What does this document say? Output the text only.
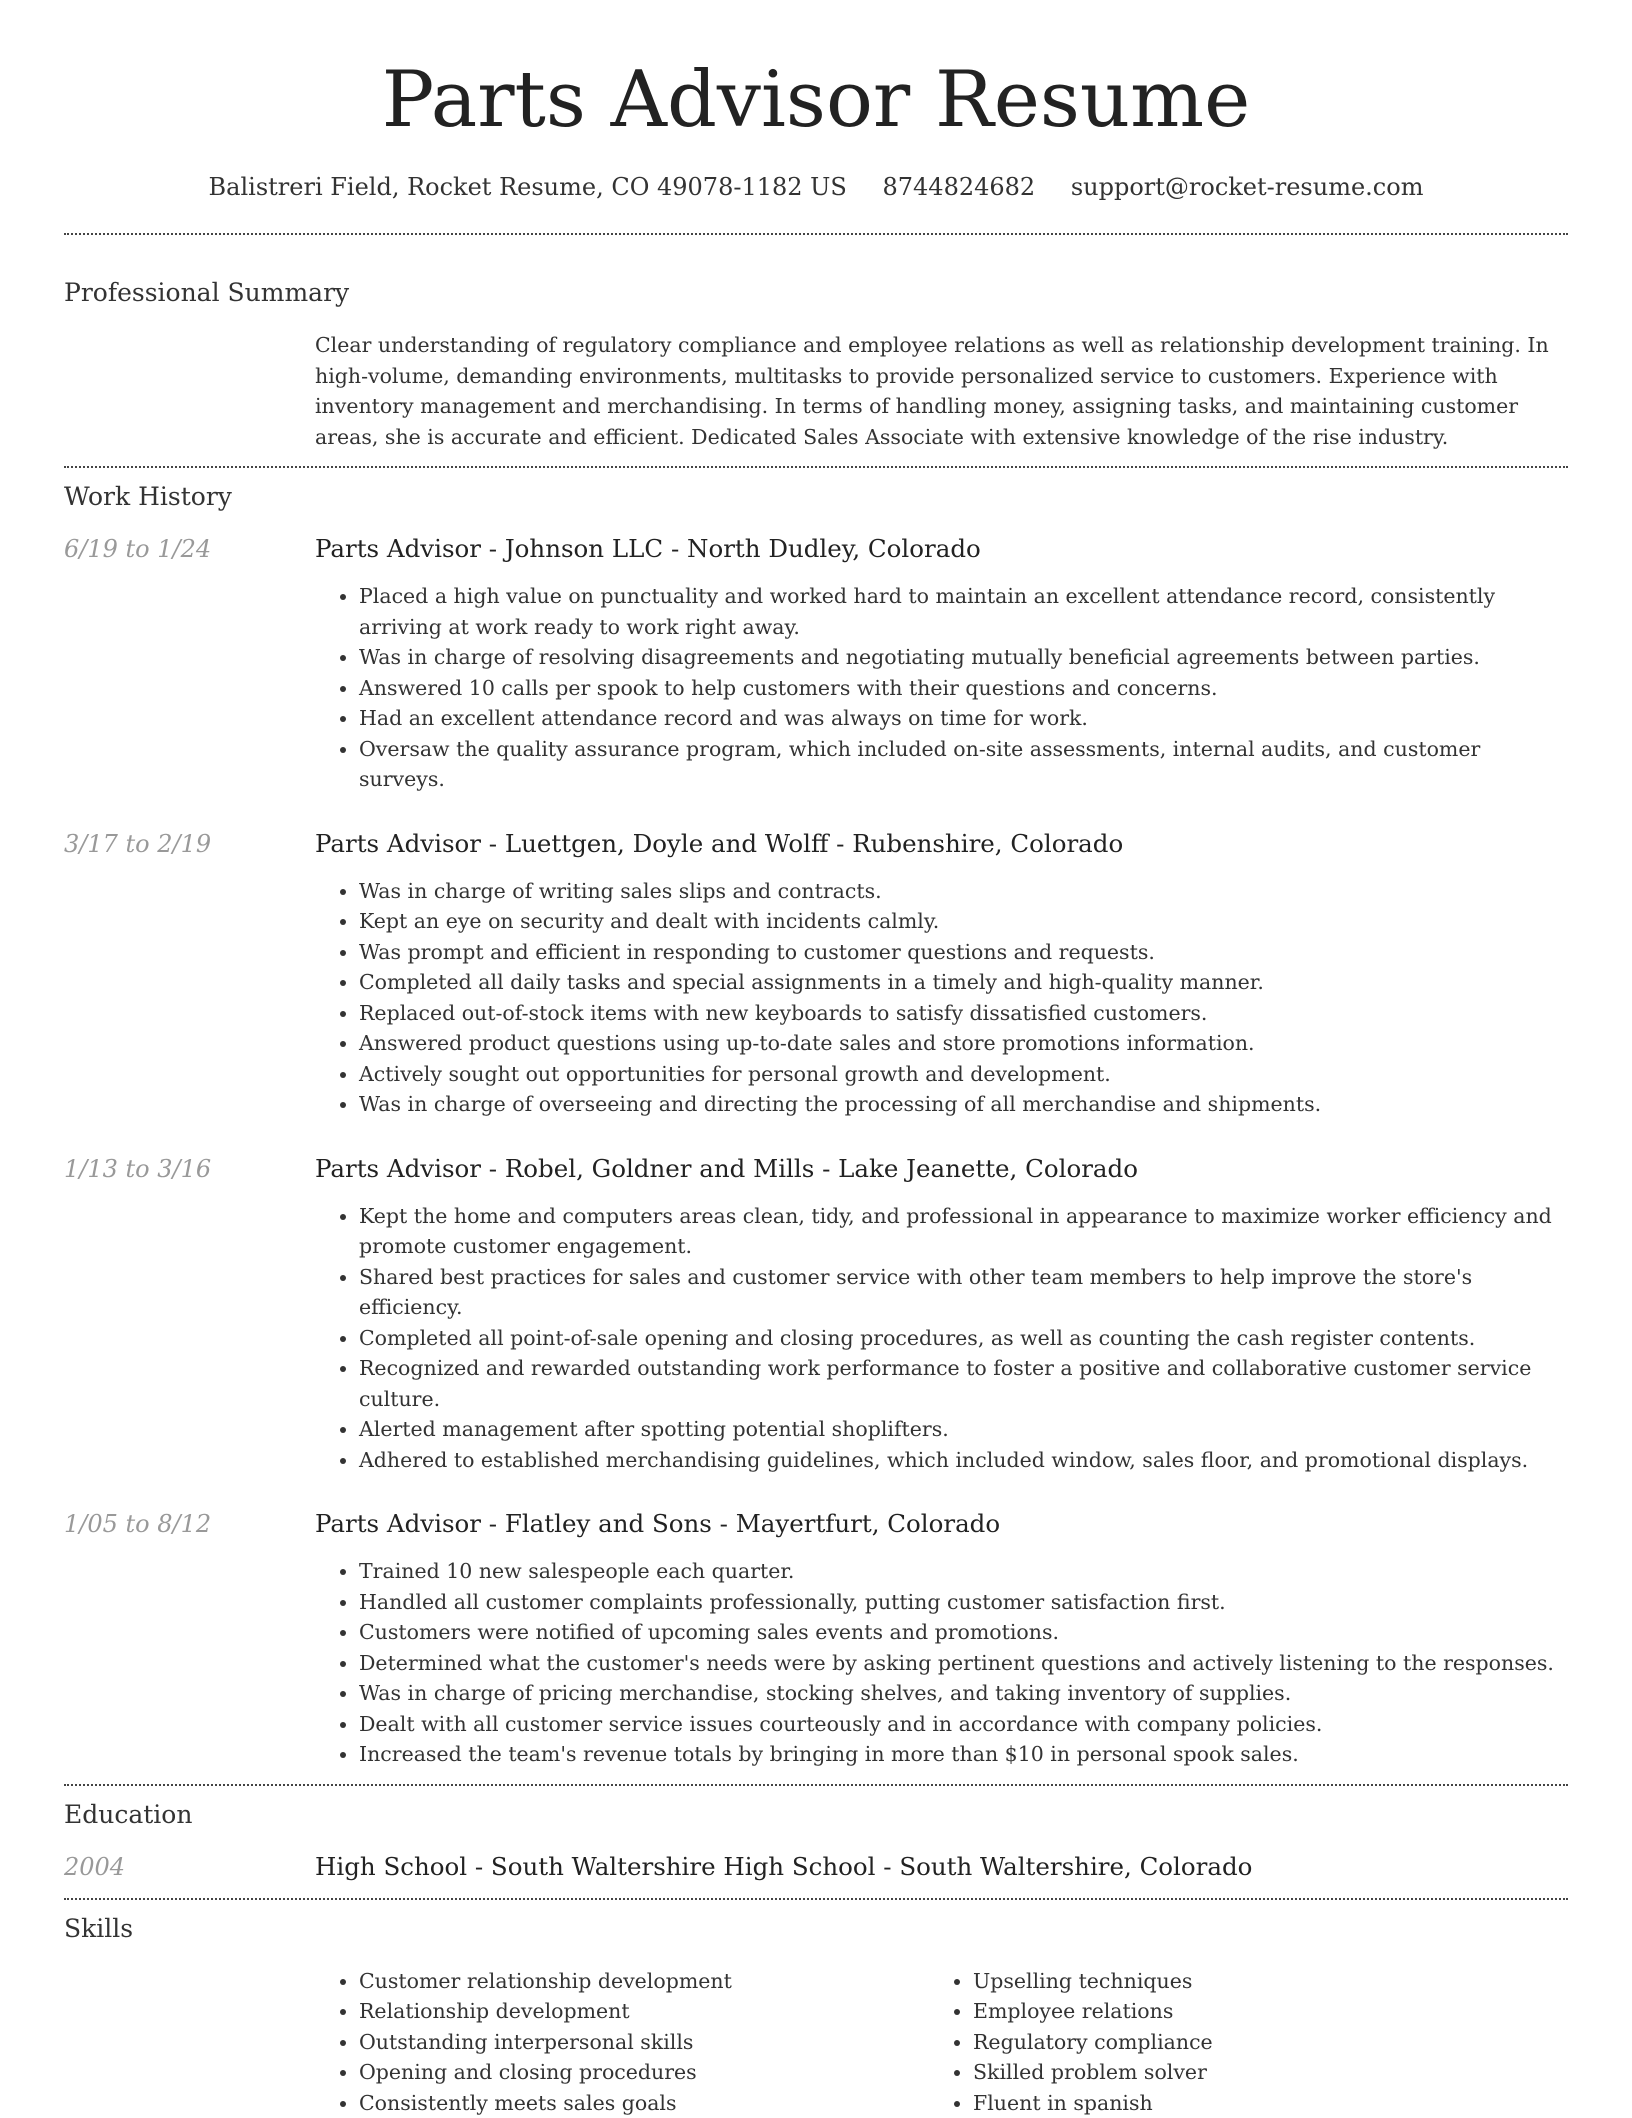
Parts Advisor Resume
Balistreri Field, Rocket Resume, CO 49078-1182 US 8744824682 support@rocket-resume.com
Professional Summary

Clear understanding of regulatory compliance and employee relations as well as relationship development training. In high-volume, demanding environments, multitasks to provide personalized service to customers. Experience with inventory management and merchandising. In terms of handling money, assigning tasks, and maintaining customer areas, she is accurate and efficient. Dedicated Sales Associate with extensive knowledge of the rise industry.

Work History
6/19 to 1/24	Parts Advisor - Johnson LLC - North Dudley, Colorado
• Placed a high value on punctuality and worked hard to maintain an excellent attendance record, consistently arriving at work ready to work right away.
• Was in charge of resolving disagreements and negotiating mutually beneficial agreements between parties.
• Answered 10 calls per spook to help customers with their questions and concerns.
• Had an excellent attendance record and was always on time for work.
• Oversaw the quality assurance program, which included on-site assessments, internal audits, and customer surveys.
3/17 to 2/19	Parts Advisor - Luettgen, Doyle and Wolff - Rubenshire, Colorado
• Was in charge of writing sales slips and contracts.
• Kept an eye on security and dealt with incidents calmly.
• Was prompt and efficient in responding to customer questions and requests.
• Completed all daily tasks and special assignments in a timely and high-quality manner.
• Replaced out-of-stock items with new keyboards to satisfy dissatisfied customers.
• Answered product questions using up-to-date sales and store promotions information.
• Actively sought out opportunities for personal growth and development.
• Was in charge of overseeing and directing the processing of all merchandise and shipments.
1/13 to 3/16	Parts Advisor - Robel, Goldner and Mills - Lake Jeanette, Colorado
• Kept the home and computers areas clean, tidy, and professional in appearance to maximize worker efficiency and promote customer engagement.
• Shared best practices for sales and customer service with other team members to help improve the store's efficiency.
• Completed all point-of-sale opening and closing procedures, as well as counting the cash register contents.
• Recognized and rewarded outstanding work performance to foster a positive and collaborative customer service culture.
• Alerted management after spotting potential shoplifters.
• Adhered to established merchandising guidelines, which included window, sales floor, and promotional displays.
1/05 to 8/12	Parts Advisor - Flatley and Sons - Mayertfurt, Colorado
• Trained 10 new salespeople each quarter.
• Handled all customer complaints professionally, putting customer satisfaction first.
• Customers were notified of upcoming sales events and promotions.
• Determined what the customer's needs were by asking pertinent questions and actively listening to the responses.
• Was in charge of pricing merchandise, stocking shelves, and taking inventory of supplies.
• Dealt with all customer service issues courteously and in accordance with company policies.
• Increased the team's revenue totals by bringing in more than $10 in personal spook sales.
Education
2004	High School - South Waltershire High School - South Waltershire, Colorado
Skills
• Customer relationship development
• Relationship development
• Outstanding interpersonal skills
• Opening and closing procedures
• Consistently meets sales goals
• Upselling techniques
• Employee relations
• Regulatory compliance
• Skilled problem solver
• Fluent in spanish
